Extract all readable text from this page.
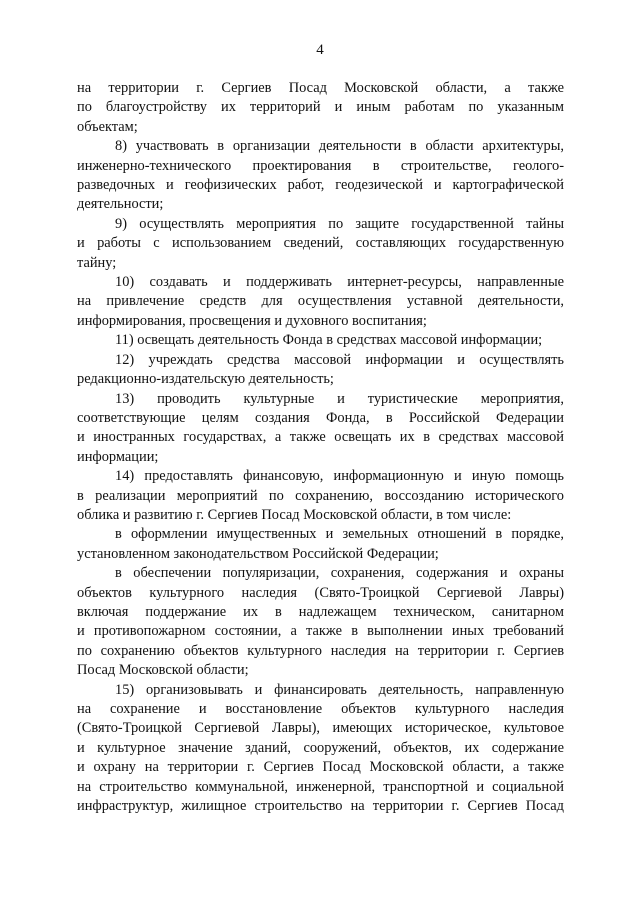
4
на территории г. Сергиев Посад Московской области, а также
по благоустройству их территорий и иным работам по указанным
объектам;
8) участвовать в организации деятельности в области архитектуры,
инженерно-технического проектирования в строительстве, геолого-
разведочных и геофизических работ, геодезической и картографической
деятельности;
9) осуществлять мероприятия по защите государственной тайны
и работы с использованием сведений, составляющих государственную
тайну;
10) создавать и поддерживать интернет-ресурсы, направленные
на привлечение средств для осуществления уставной деятельности,
информирования, просвещения и духовного воспитания;
11) освещать деятельность Фонда в средствах массовой информации;
12) учреждать средства массовой информации и осуществлять
редакционно-издательскую деятельность;
13) проводить культурные и туристические мероприятия,
соответствующие целям создания Фонда, в Российской Федерации
и иностранных государствах, а также освещать их в средствах массовой
информации;
14) предоставлять финансовую, информационную и иную помощь
в реализации мероприятий по сохранению, воссозданию исторического
облика и развитию г. Сергиев Посад Московской области, в том числе:
в оформлении имущественных и земельных отношений в порядке,
установленном законодательством Российской Федерации;
в обеспечении популяризации, сохранения, содержания и охраны
объектов культурного наследия (Свято-Троицкой Сергиевой Лавры)
включая поддержание их в надлежащем техническом, санитарном
и противопожарном состоянии, а также в выполнении иных требований
по сохранению объектов культурного наследия на территории г. Сергиев
Посад Московской области;
15) организовывать и финансировать деятельность, направленную
на сохранение и восстановление объектов культурного наследия
(Свято-Троицкой Сергиевой Лавры), имеющих историческое, культовое
и культурное значение зданий, сооружений, объектов, их содержание
и охрану на территории г. Сергиев Посад Московской области, а также
на строительство коммунальной, инженерной, транспортной и социальной
инфраструктур, жилищное строительство на территории г. Сергиев Посад
